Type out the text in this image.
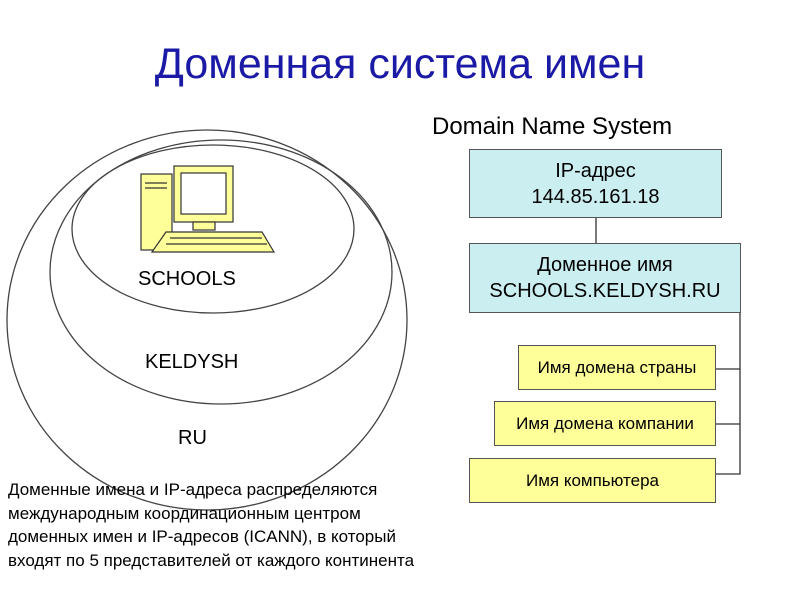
Доменная система имен
Domain Name System
SCHOOLS
KELDYSH
RU
IP-адрес
144.85.161.18
Доменное имя
SCHOOLS.KELDYSH.RU
Имя домена страны
Имя домена компании
Имя компьютера
Доменные имена и IP-адреса распределяются
международным координационным центром
доменных имен и IP-адресов (ICANN), в который
входят по 5 представителей от каждого континента
